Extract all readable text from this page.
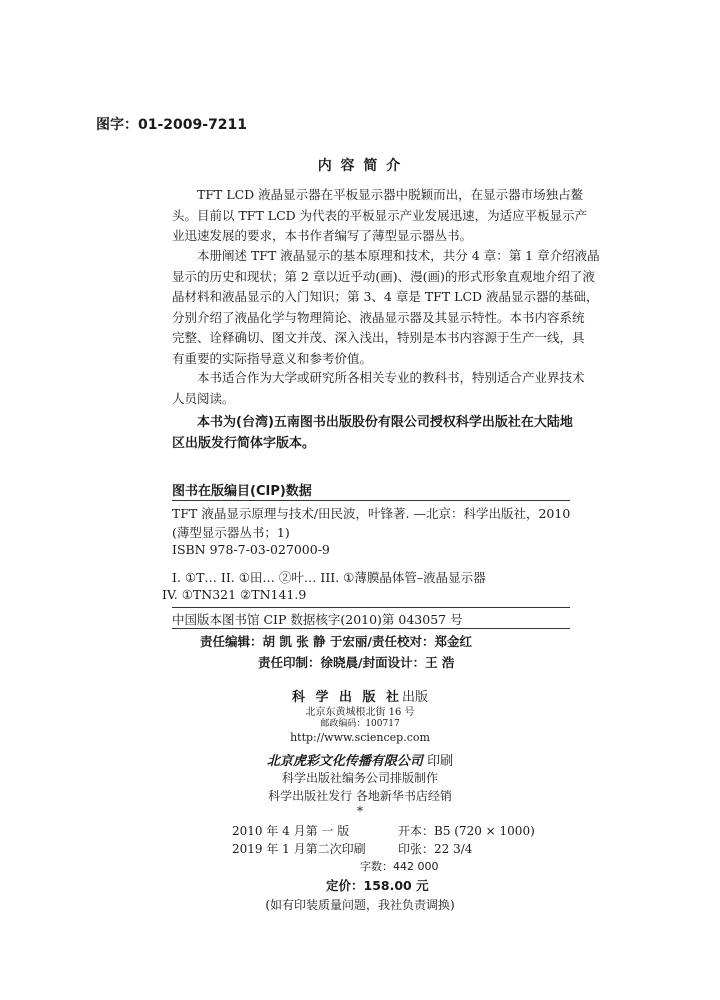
图字：01-2009-7211
内 容 简 介
TFT LCD 液晶显示器在平板显示器中脱颖而出，在显示器市场独占鳌
头。目前以 TFT LCD 为代表的平板显示产业发展迅速，为适应平板显示产
业迅速发展的要求，本书作者编写了薄型显示器丛书。
本册阐述 TFT 液晶显示的基本原理和技术，共分 4 章：第 1 章介绍液晶
显示的历史和现状；第 2 章以近乎动(画)、漫(画)的形式形象直观地介绍了液
晶材料和液晶显示的入门知识；第 3、4 章是 TFT LCD 液晶显示器的基础，
分别介绍了液晶化学与物理简论、液晶显示器及其显示特性。本书内容系统
完整、诠释确切、图文并茂、深入浅出，特别是本书内容源于生产一线，具
有重要的实际指导意义和参考价值。
本书适合作为大学或研究所各相关专业的教科书，特别适合产业界技术
人员阅读。
本书为(台湾)五南图书出版股份有限公司授权科学出版社在大陆地
区出版发行简体字版本。
图书在版编目(CIP)数据
TFT 液晶显示原理与技术/田民波，叶锋著. —北京：科学出版社，2010
(薄型显示器丛书；1)
ISBN 978-7-03-027000-9
I. ①T… II. ①田… ②叶… III. ①薄膜晶体管–液晶显示器
IV. ①TN321 ②TN141.9
中国版本图书馆 CIP 数据核字(2010)第 043057 号
责任编辑：胡 凯 张 静 于宏丽/责任校对：郑金红
责任印制：徐晓晨/封面设计：王 浩
科 学 出 版 社出版
北京东黄城根北街 16 号
邮政编码：100717
http://www.sciencep.com
北京虎彩文化传播有限公司 印刷
科学出版社编务公司排版制作
科学出版社发行 各地新华书店经销
*
2010 年 4 月第 一 版	开本：B5 (720 × 1000)
2019 年 1 月第二次印刷	印张：22 3/4
字数：442 000
定价：158.00 元
(如有印装质量问题，我社负责调换)
